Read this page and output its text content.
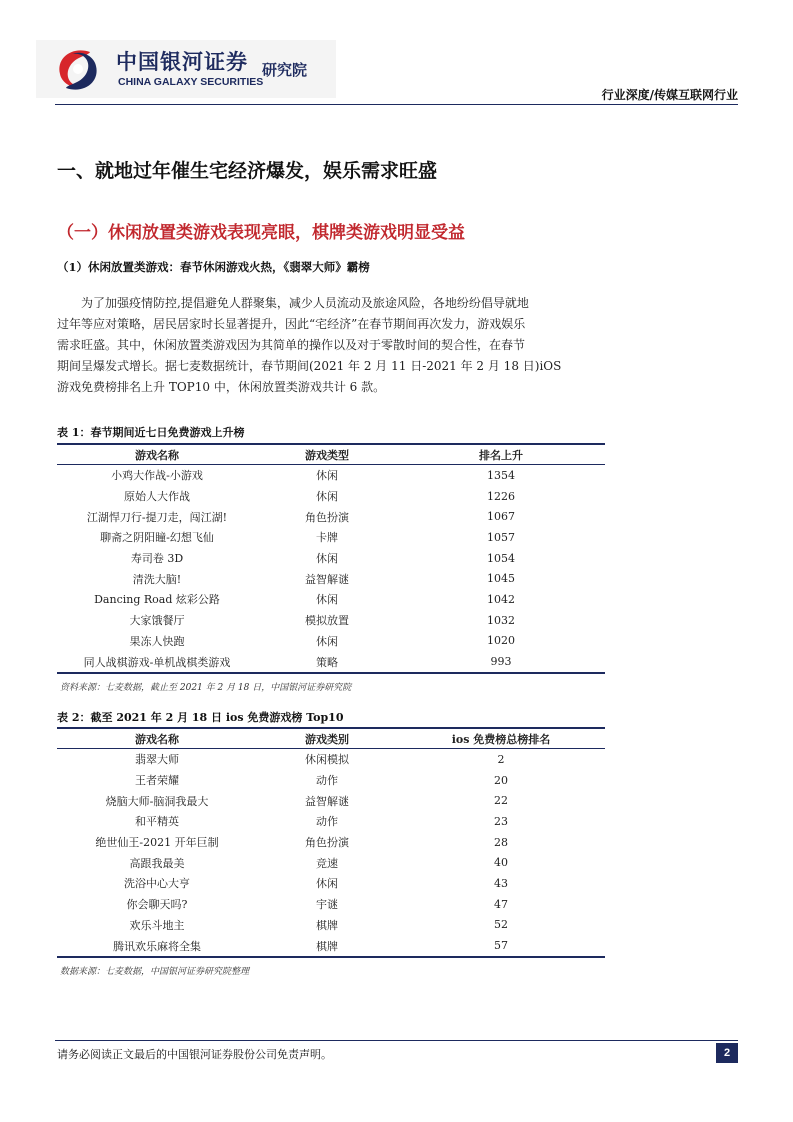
中国银河证券
CHINA GALAXY SECURITIES
研究院
行业深度/传媒互联网行业
一、就地过年催生宅经济爆发，娱乐需求旺盛
（一）休闲放置类游戏表现亮眼，棋牌类游戏明显受益
（1）休闲放置类游戏：春节休闲游戏火热，《翡翠大师》霸榜
为了加强疫情防控,提倡避免人群聚集，减少人员流动及旅途风险，各地纷纷倡导就地
过年等应对策略，居民居家时长显著提升，因此“宅经济”在春节期间再次发力，游戏娱乐
需求旺盛。其中，休闲放置类游戏因为其简单的操作以及对于零散时间的契合性，在春节
期间呈爆发式增长。据七麦数据统计，春节期间(2021 年 2 月 11 日-2021 年 2 月 18 日)iOS
游戏免费榜排名上升 TOP10 中，休闲放置类游戏共计 6 款。
表 1：春节期间近七日免费游戏上升榜
游戏名称	游戏类型	排名上升
小鸡大作战-小游戏	休闲	1354
原始人大作战	休闲	1226
江湖悍刀行-提刀走，闯江湖!	角色扮演	1067
聊斋之阴阳瞳-幻想飞仙	卡牌	1057
寿司卷 3D	休闲	1054
清洗大脑!	益智解谜	1045
Dancing Road 炫彩公路	休闲	1042
大家饿餐厅	模拟放置	1032
果冻人快跑	休闲	1020
同人战棋游戏-单机战棋类游戏	策略	993
资料来源：七麦数据，截止至 2021 年 2 月 18 日，中国银河证券研究院
表 2：截至 2021 年 2 月 18 日 ios 免费游戏榜 Top10
游戏名称	游戏类别	ios 免费榜总榜排名
翡翠大师	休闲模拟	2
王者荣耀	动作	20
烧脑大师-脑洞我最大	益智解谜	22
和平精英	动作	23
绝世仙王-2021 开年巨制	角色扮演	28
高跟我最美	竞速	40
洗浴中心大亨	休闲	43
你会聊天吗?	宇谜	47
欢乐斗地主	棋牌	52
腾讯欢乐麻将全集	棋牌	57
数据来源：七麦数据，中国银河证券研究院整理
请务必阅读正文最后的中国银河证券股份公司免责声明。	2
